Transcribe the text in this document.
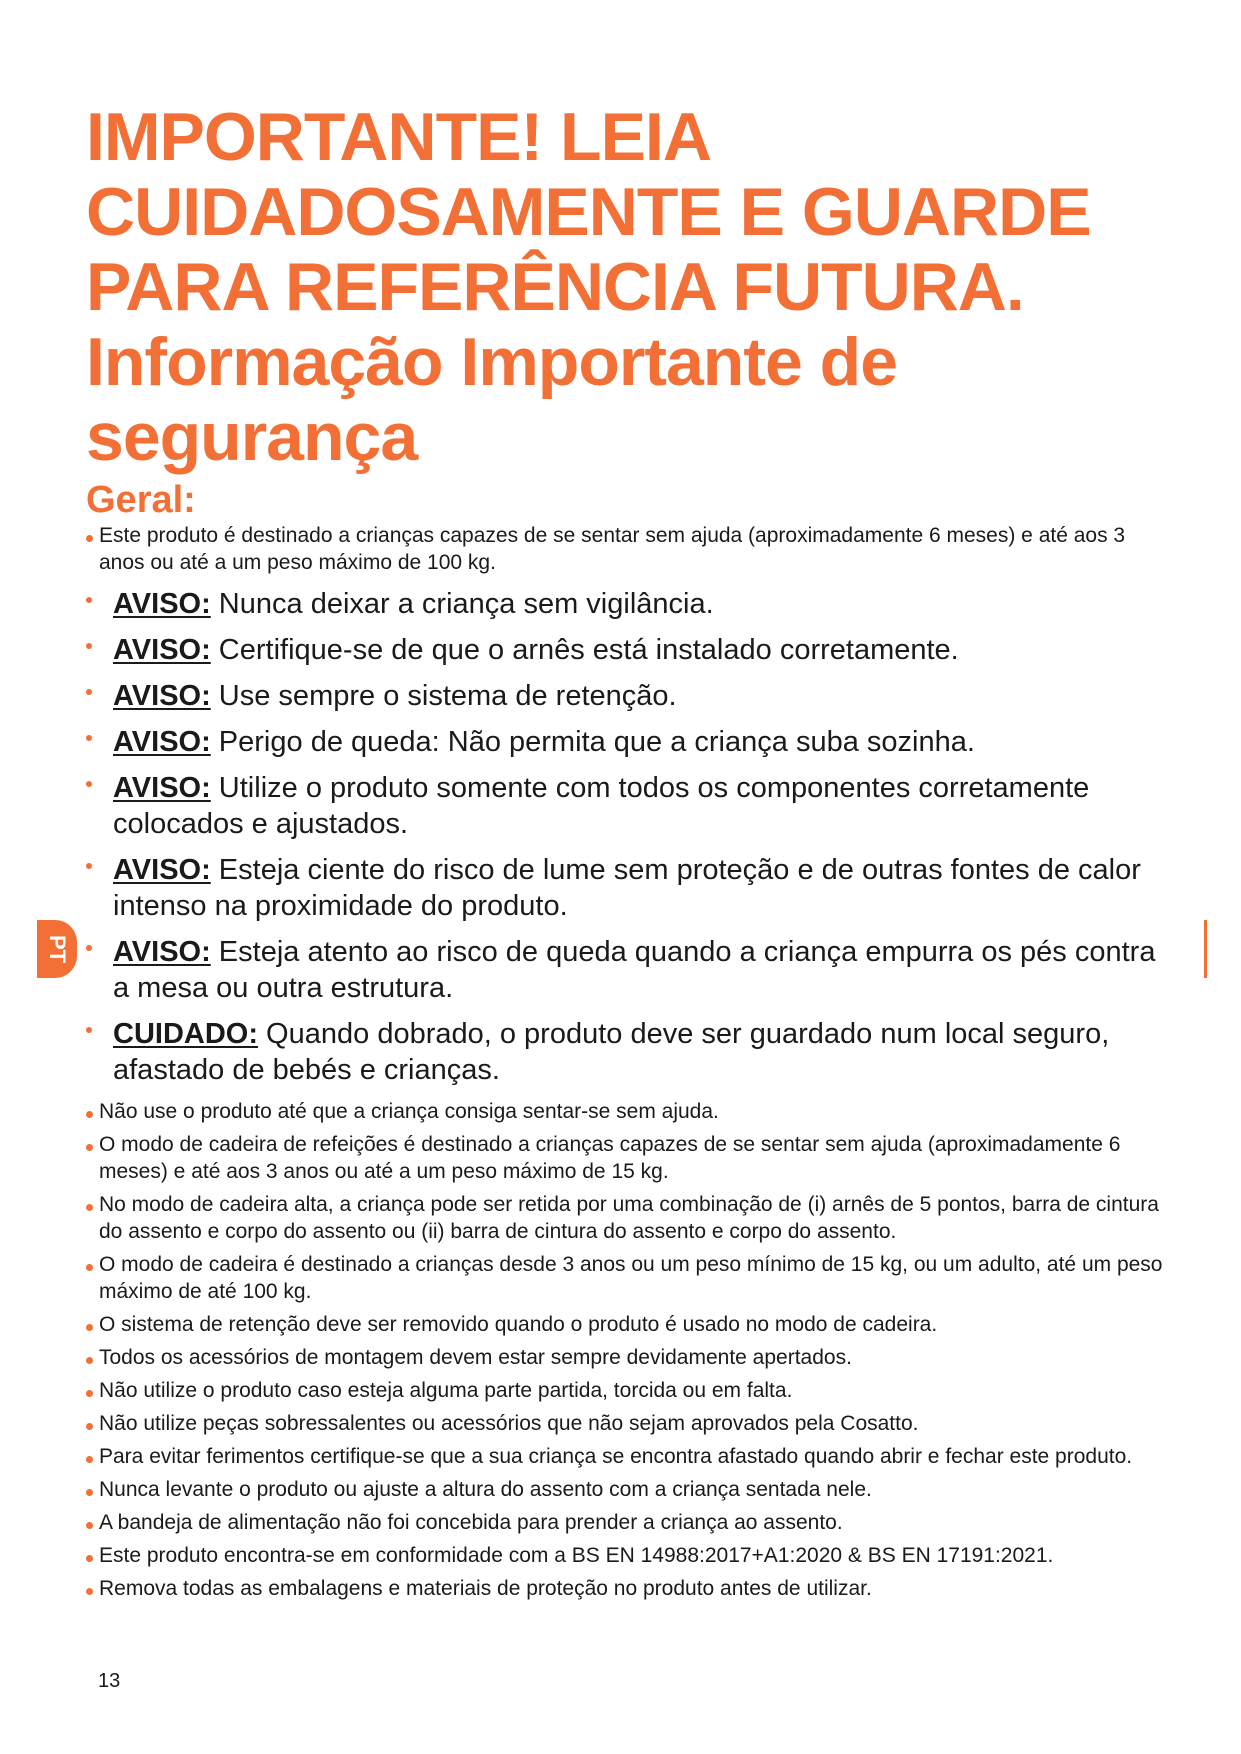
IMPORTANTE! LEIA
CUIDADOSAMENTE E GUARDE
PARA REFERÊNCIA FUTURA.
Informação Importante de
segurança
Geral:
Este produto é destinado a crianças capazes de se sentar sem ajuda (aproximadamente 6 meses) e até aos 3 anos ou até a um peso máximo de 100 kg.
AVISO: Nunca deixar a criança sem vigilância.
AVISO: Certifique-se de que o arnês está instalado corretamente.
AVISO: Use sempre o sistema de retenção.
AVISO: Perigo de queda: Não permita que a criança suba sozinha.
AVISO: Utilize o produto somente com todos os componentes corretamente colocados e ajustados.
AVISO: Esteja ciente do risco de lume sem proteção e de outras fontes de calor intenso na proximidade do produto.
AVISO: Esteja atento ao risco de queda quando a criança empurra os pés contra a mesa ou outra estrutura.
CUIDADO: Quando dobrado, o produto deve ser guardado num local seguro, afastado de bebés e crianças.
Não use o produto até que a criança consiga sentar-se sem ajuda.
O modo de cadeira de refeições é destinado a crianças capazes de se sentar sem ajuda (aproximadamente 6 meses) e até aos 3 anos ou até a um peso máximo de 15 kg.
No modo de cadeira alta, a criança pode ser retida por uma combinação de (i) arnês de 5 pontos, barra de cintura do assento e corpo do assento ou (ii) barra de cintura do assento e corpo do assento.
O modo de cadeira é destinado a crianças desde 3 anos ou um peso mínimo de 15 kg, ou um adulto, até um peso máximo de até 100 kg.
O sistema de retenção deve ser removido quando o produto é usado no modo de cadeira.
Todos os acessórios de montagem devem estar sempre devidamente apertados.
Não utilize o produto caso esteja alguma parte partida, torcida ou em falta.
Não utilize peças sobressalentes ou acessórios que não sejam aprovados pela Cosatto.
Para evitar ferimentos certifique-se que a sua criança se encontra afastado quando abrir e fechar este produto.
Nunca levante o produto ou ajuste a altura do assento com a criança sentada nele.
A bandeja de alimentação não foi concebida para prender a criança ao assento.
Este produto encontra-se em conformidade com a BS EN 14988:2017+A1:2020 & BS EN 17191:2021.
Remova todas as embalagens e materiais de proteção no produto antes de utilizar.
PT
13
